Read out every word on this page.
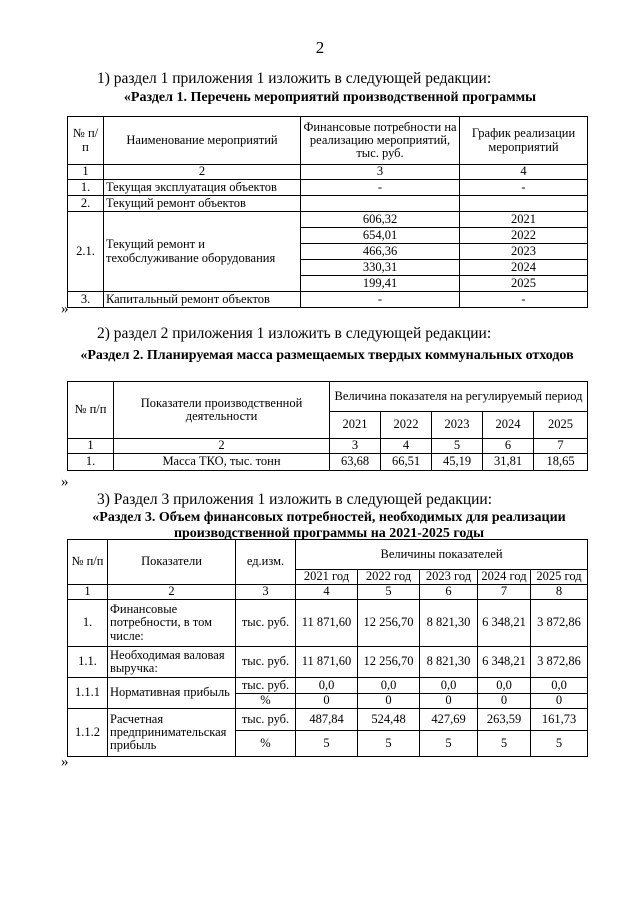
2
1) раздел 1 приложения 1 изложить в следующей редакции:
«Раздел 1. Перечень мероприятий производственной программы
№ п/п	Наименование мероприятий	Финансовые потребности на реализацию мероприятий, тыс. руб.	График реализации мероприятий
1	2	3	4
1.	Текущая эксплуатация объектов	-	-
2.	Текущий ремонт объектов		
2.1.	Текущий ремонт и техобслуживание оборудования	606,32	2021
		654,01	2022
		466,36	2023
		330,31	2024
		199,41	2025
3.	Капитальный ремонт объектов	-	-
»
2) раздел 2 приложения 1 изложить в следующей редакции:
«Раздел 2. Планируемая масса размещаемых твердых коммунальных отходов
№ п/п	Показатели производственной деятельности	Величина показателя на регулируемый период				
		2021	2022	2023	2024	2025
1	2	3	4	5	6	7
1.	Масса ТКО, тыс. тонн	63,68	66,51	45,19	31,81	18,65
»
3) Раздел 3 приложения 1 изложить в следующей редакции:
«Раздел 3. Объем финансовых потребностей, необходимых для реализации
производственной программы на 2021-2025 годы
№ п/п	Показатели	ед.изм.	Величины показателей				
			2021 год	2022 год	2023 год	2024 год	2025 год
1	2	3	4	5	6	7	8
1.	Финансовые потребности, в том числе:	тыс. руб.	11 871,60	12 256,70	8 821,30	6 348,21	3 872,86
1.1.	Необходимая валовая выручка:	тыс. руб.	11 871,60	12 256,70	8 821,30	6 348,21	3 872,86
1.1.1	Нормативная прибыль	тыс. руб.	0,0	0,0	0,0	0,0	0,0
		%	0	0	0	0	0
1.1.2	Расчетная предпринимательская прибыль	тыс. руб.	487,84	524,48	427,69	263,59	161,73
		%	5	5	5	5	5
»
